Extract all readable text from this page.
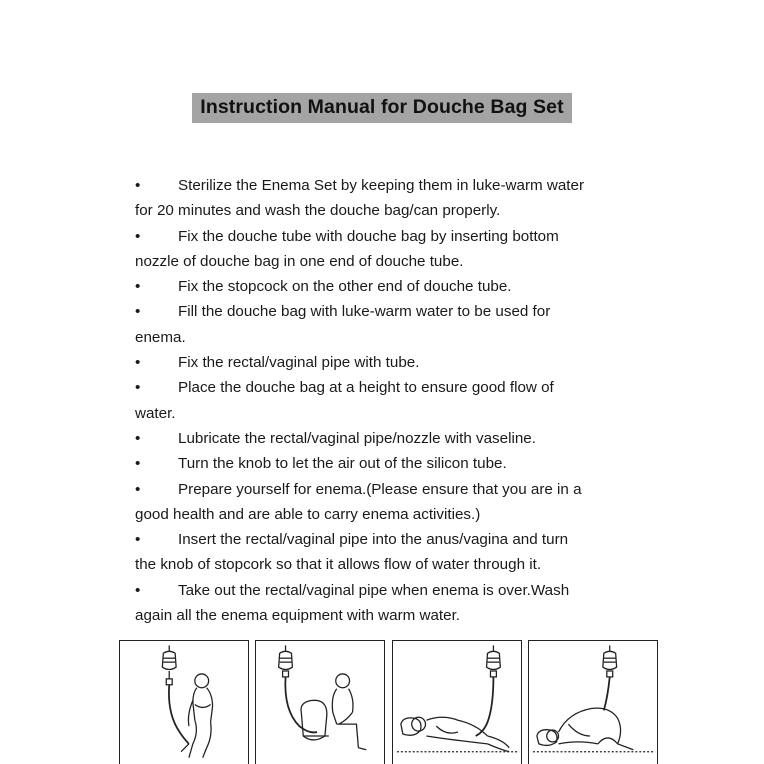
Instruction Manual for Douche Bag Set
•	Sterilize the Enema Set by keeping them in luke-warm water
for 20 minutes and wash the douche bag/can properly.
•	Fix the douche tube with douche bag by inserting bottom
nozzle of douche bag in one end of douche tube.
•	Fix the stopcock on the other end of douche tube.
•	Fill the douche bag with luke-warm water to be used for
enema.
•	Fix the rectal/vaginal pipe with tube.
•	Place the douche bag at a height to ensure good flow of
water.
•	Lubricate the rectal/vaginal pipe/nozzle with vaseline.
•	Turn the knob to let the air out of the silicon tube.
•	Prepare yourself for enema.(Please ensure that you are in a
good health and are able to carry enema activities.)
•	Insert the rectal/vaginal pipe into the anus/vagina and turn
the knob of stopcork so that it allows flow of water through it.
•	Take out the rectal/vaginal pipe when enema is over.Wash
again all the enema equipment with warm water.
